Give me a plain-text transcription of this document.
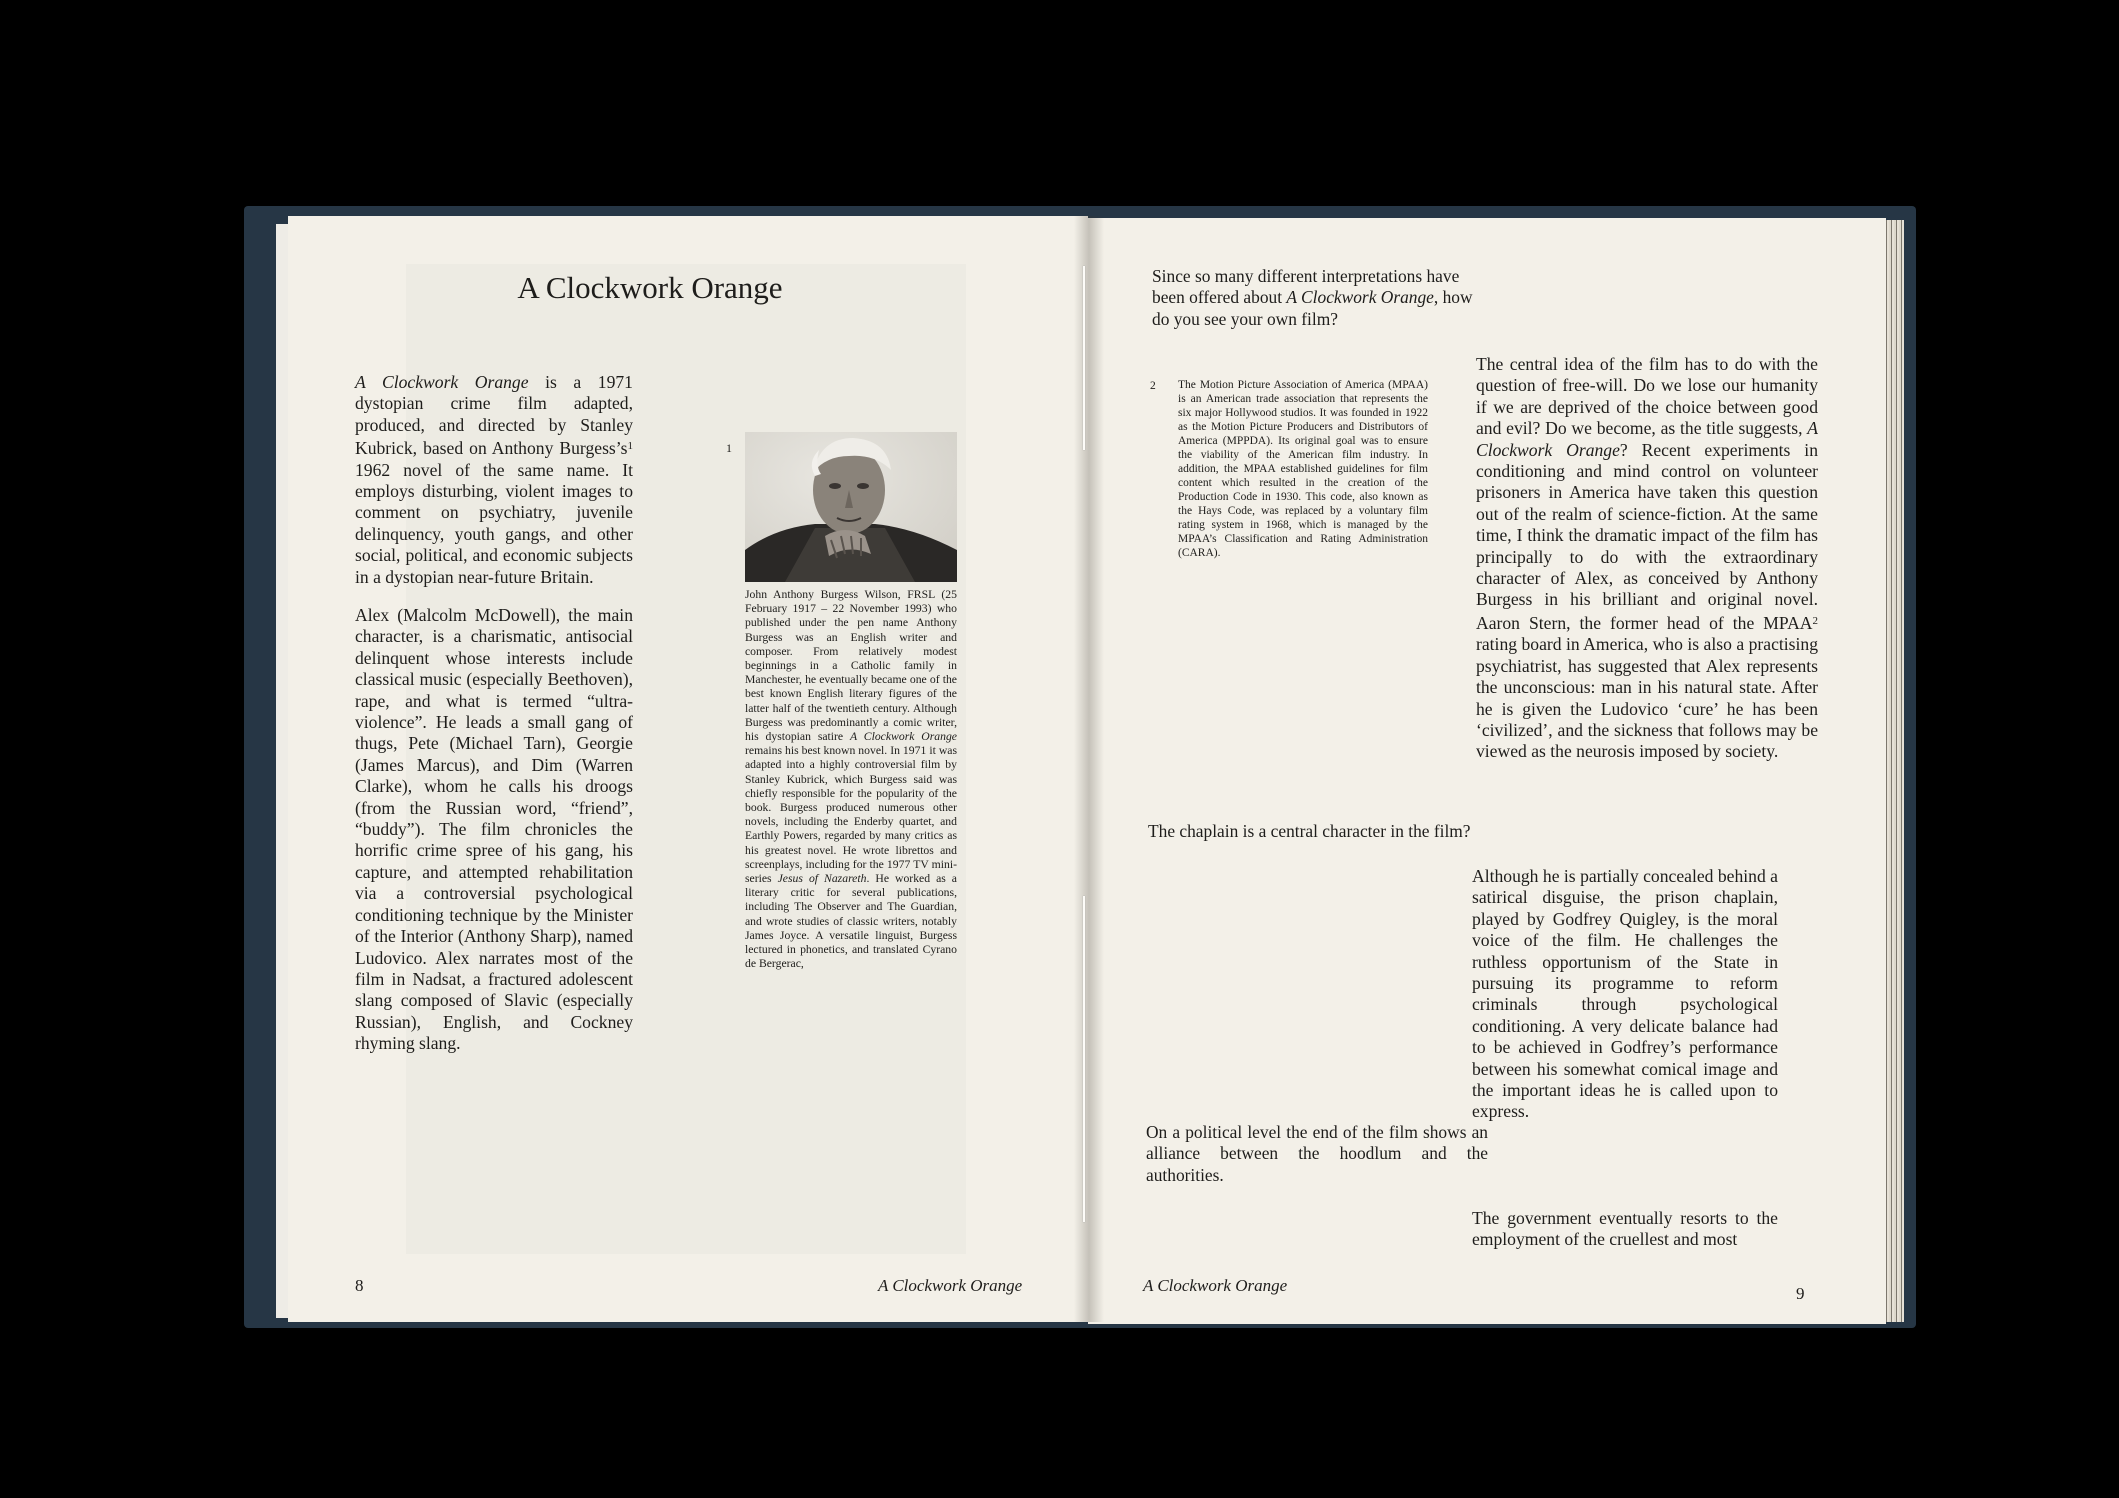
A Clockwork Orange

A Clockwork Orange is a 1971 dystopian crime film adapted, produced, and directed by Stanley Kubrick, based on Anthony $Burgess’s^1$ 1962 novel of the same name. It employs disturbing, violent images to comment on psychiatry, juvenile delinquency, youth gangs, and other social, political, and economic subjects in a dystopian near-future Britain.

Alex (Malcolm McDowell), the main character, is a charismatic, antisocial delinquent whose interests include classical music (especially Beethoven), rape, and what is termed “ultra-violence”. He leads a small gang of thugs, Pete (Michael Tarn), Georgie (James Marcus), and Dim (Warren Clarke), whom he calls his droogs (from the Russian word, “friend”, “buddy”). The film chronicles the horrific crime spree of his gang, his capture, and attempted rehabilitation via a controversial psychological conditioning technique by the Minister of the Interior (Anthony Sharp), named Ludovico. Alex narrates most of the film in Nadsat, a fractured adolescent slang composed of Slavic (especially Russian), English, and Cockney rhyming slang.

1
John Anthony Burgess Wilson, FRSL (25 February 1917 – 22 November 1993) who published under the pen name Anthony Burgess was an English writer and composer. From relatively modest beginnings in a Catholic family in Manchester, he eventually became one of the best known English literary figures of the latter half of the twentieth century. Although Burgess was predominantly a comic writer, his dystopian satire A Clockwork Orange remains his best known novel. In 1971 it was adapted into a highly controversial film by Stanley Kubrick, which Burgess said was chiefly responsible for the popularity of the book. Burgess produced numerous other novels, including the Enderby quartet, and Earthly Powers, regarded by many critics as his greatest novel. He wrote librettos and screenplays, including for the 1977 TV mini-series Jesus of Nazareth. He worked as a literary critic for several publications, including The Observer and The Guardian, and wrote studies of classic writers, notably James Joyce. A versatile linguist, Burgess lectured in phonetics, and translated Cyrano de Bergerac,
8	A Clockwork Orange
Since so many different interpretations have been offered about A Clockwork Orange, how do you see your own film?
2 The Motion Picture Association of America (MPAA) is an American trade association that represents the six major Hollywood studios. It was founded in 1922 as the Motion Picture Producers and Distributors of America (MPPDA). Its original goal was to ensure the viability of the American film industry. In addition, the MPAA established guidelines for film content which resulted in the creation of the Production Code in 1930. This code, also known as the Hays Code, was replaced by a voluntary film rating system in 1968, which is managed by the MPAA’s Classification and Rating Administration (CARA).

The central idea of the film has to do with the question of free-will. Do we lose our humanity if we are deprived of the choice between good and evil? Do we become, as the title suggests, A Clockwork Orange? Recent experiments in conditioning and mind control on volunteer prisoners in America have taken this question out of the realm of science-fiction. At the same time, I think the dramatic impact of the film has principally to do with the extraordinary character of Alex, as conceived by Anthony Burgess in his brilliant and original novel. Aaron Stern, the former head of the MPAA$^2$ rating board in America, who is also a practising psychiatrist, has suggested that Alex represents the unconscious: man in his natural state. After he is given the Ludovico ‘cure’ he has been ‘civilized’, and the sickness that follows may be viewed as the neurosis imposed by society.

The chaplain is a central character in the film?

Although he is partially concealed behind a satirical disguise, the prison chaplain, played by Godfrey Quigley, is the moral voice of the film. He challenges the ruthless opportunism of the State in pursuing its programme to reform criminals through psychological conditioning. A very delicate balance had to be achieved in Godfrey’s performance between his somewhat comical image and the important ideas he is called upon to express.

On a political level the end of the film shows an alliance between the hoodlum and the authorities.

The government eventually resorts to the employment of the cruellest and most

A Clockwork Orange	9
